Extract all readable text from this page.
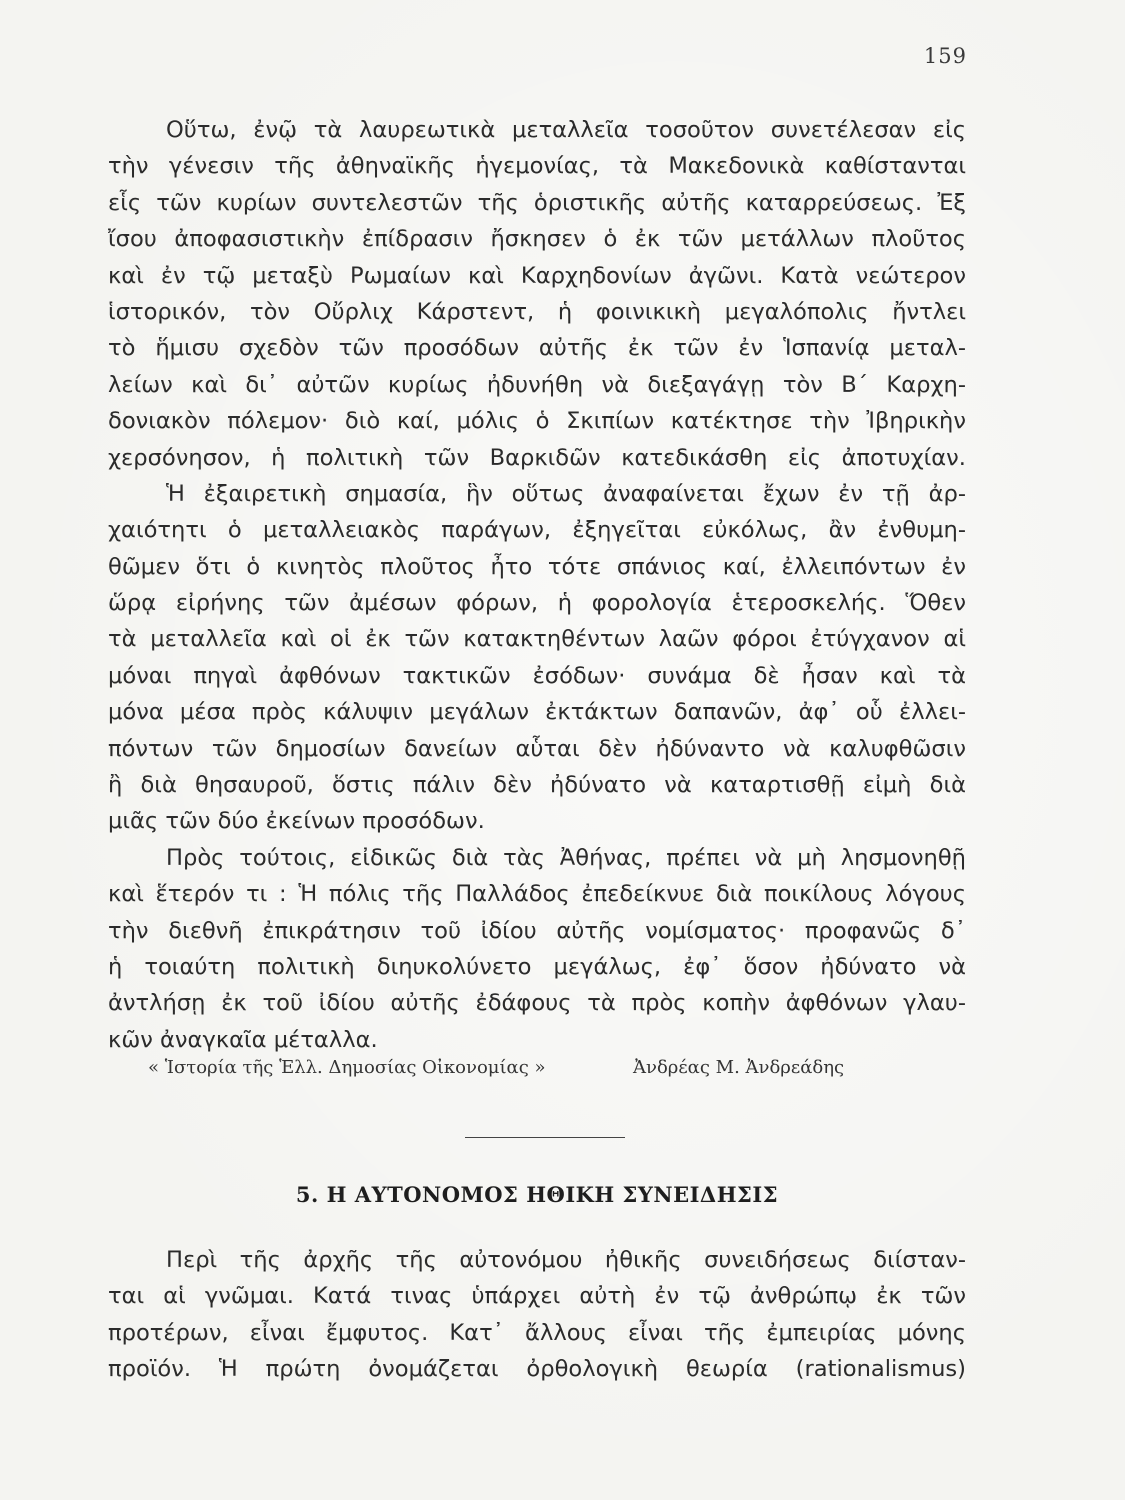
159
Οὕτω, ἐνῷ τὰ λαυρεωτικὰ μεταλλεῖα τοσοῦτον συνετέλεσαν εἰς
τὴν γένεσιν τῆς ἀθηναϊκῆς ἡγεμονίας, τὰ Μακεδονικὰ καθίστανται
εἷς τῶν κυρίων συντελεστῶν τῆς ὁριστικῆς αὐτῆς καταρρεύσεως. Ἐξ
ἴσου ἀποφασιστικὴν ἐπίδρασιν ἤσκησεν ὁ ἐκ τῶν μετάλλων πλοῦτος
καὶ ἐν τῷ μεταξὺ Ρωμαίων καὶ Καρχηδονίων ἀγῶνι. Κατὰ νεώτερον
ἱστορικόν, τὸν Οὔρλιχ Κάρστεντ, ἡ φοινικικὴ μεγαλόπολις ἤντλει
τὸ ἥμισυ σχεδὸν τῶν προσόδων αὐτῆς ἐκ τῶν ἐν Ἱσπανίᾳ μεταλ-
λείων καὶ δι᾽ αὐτῶν κυρίως ἠδυνήθη νὰ διεξαγάγῃ τὸν Β΄ Καρχη-
δονιακὸν πόλεμον· διὸ καί, μόλις ὁ Σκιπίων κατέκτησε τὴν Ἰβηρικὴν
χερσόνησον, ἡ πολιτικὴ τῶν Βαρκιδῶν κατεδικάσθη εἰς ἀποτυχίαν.
Ἡ ἐξαιρετικὴ σημασία, ἣν οὕτως ἀναφαίνεται ἔχων ἐν τῇ ἀρ-
χαιότητι ὁ μεταλλειακὸς παράγων, ἐξηγεῖται εὐκόλως, ἂν ἐνθυμη-
θῶμεν ὅτι ὁ κινητὸς πλοῦτος ἦτο τότε σπάνιος καί, ἐλλειπόντων ἐν
ὥρᾳ εἰρήνης τῶν ἀμέσων φόρων, ἡ φορολογία ἑτεροσκελής. Ὅθεν
τὰ μεταλλεῖα καὶ οἱ ἐκ τῶν κατακτηθέντων λαῶν φόροι ἐτύγχανον αἱ
μόναι πηγαὶ ἀφθόνων τακτικῶν ἐσόδων· συνάμα δὲ ἦσαν καὶ τὰ
μόνα μέσα πρὸς κάλυψιν μεγάλων ἐκτάκτων δαπανῶν, ἀφ᾽ οὗ ἐλλει-
πόντων τῶν δημοσίων δανείων αὗται δὲν ἠδύναντο νὰ καλυφθῶσιν
ἢ διὰ θησαυροῦ, ὅστις πάλιν δὲν ἠδύνατο νὰ καταρτισθῇ εἰμὴ διὰ
μιᾶς τῶν δύο ἐκείνων προσόδων.
Πρὸς τούτοις, εἰδικῶς διὰ τὰς Ἀθήνας, πρέπει νὰ μὴ λησμονηθῇ
καὶ ἕτερόν τι : Ἡ πόλις τῆς Παλλάδος ἐπεδείκνυε διὰ ποικίλους λόγους
τὴν διεθνῆ ἐπικράτησιν τοῦ ἰδίου αὐτῆς νομίσματος· προφανῶς δ᾽
ἡ τοιαύτη πολιτικὴ διηυκολύνετο μεγάλως, ἐφ᾽ ὅσον ἠδύνατο νὰ
ἀντλήσῃ ἐκ τοῦ ἰδίου αὐτῆς ἐδάφους τὰ πρὸς κοπὴν ἀφθόνων γλαυ-
κῶν ἀναγκαῖα μέταλλα.
« Ἱστορία τῆς Ἑλλ. Δημοσίας Οἰκονομίας »	Ἀνδρέας Μ. Ἀνδρεάδης
5. Η ΑΥΤΟΝΟΜΟΣ ΗΘΙΚΗ ΣΥΝΕΙΔΗΣΙΣ
Περὶ τῆς ἀρχῆς τῆς αὐτονόμου ἠθικῆς συνειδήσεως διίσταν-
ται αἱ γνῶμαι. Κατά τινας ὑπάρχει αὐτὴ ἐν τῷ ἀνθρώπῳ ἐκ τῶν
προτέρων, εἶναι ἔμφυτος. Κατ᾽ ἄλλους εἶναι τῆς ἐμπειρίας μόνης
προϊόν. Ἡ πρώτη ὀνομάζεται ὀρθολογικὴ θεωρία (rationalismus)
